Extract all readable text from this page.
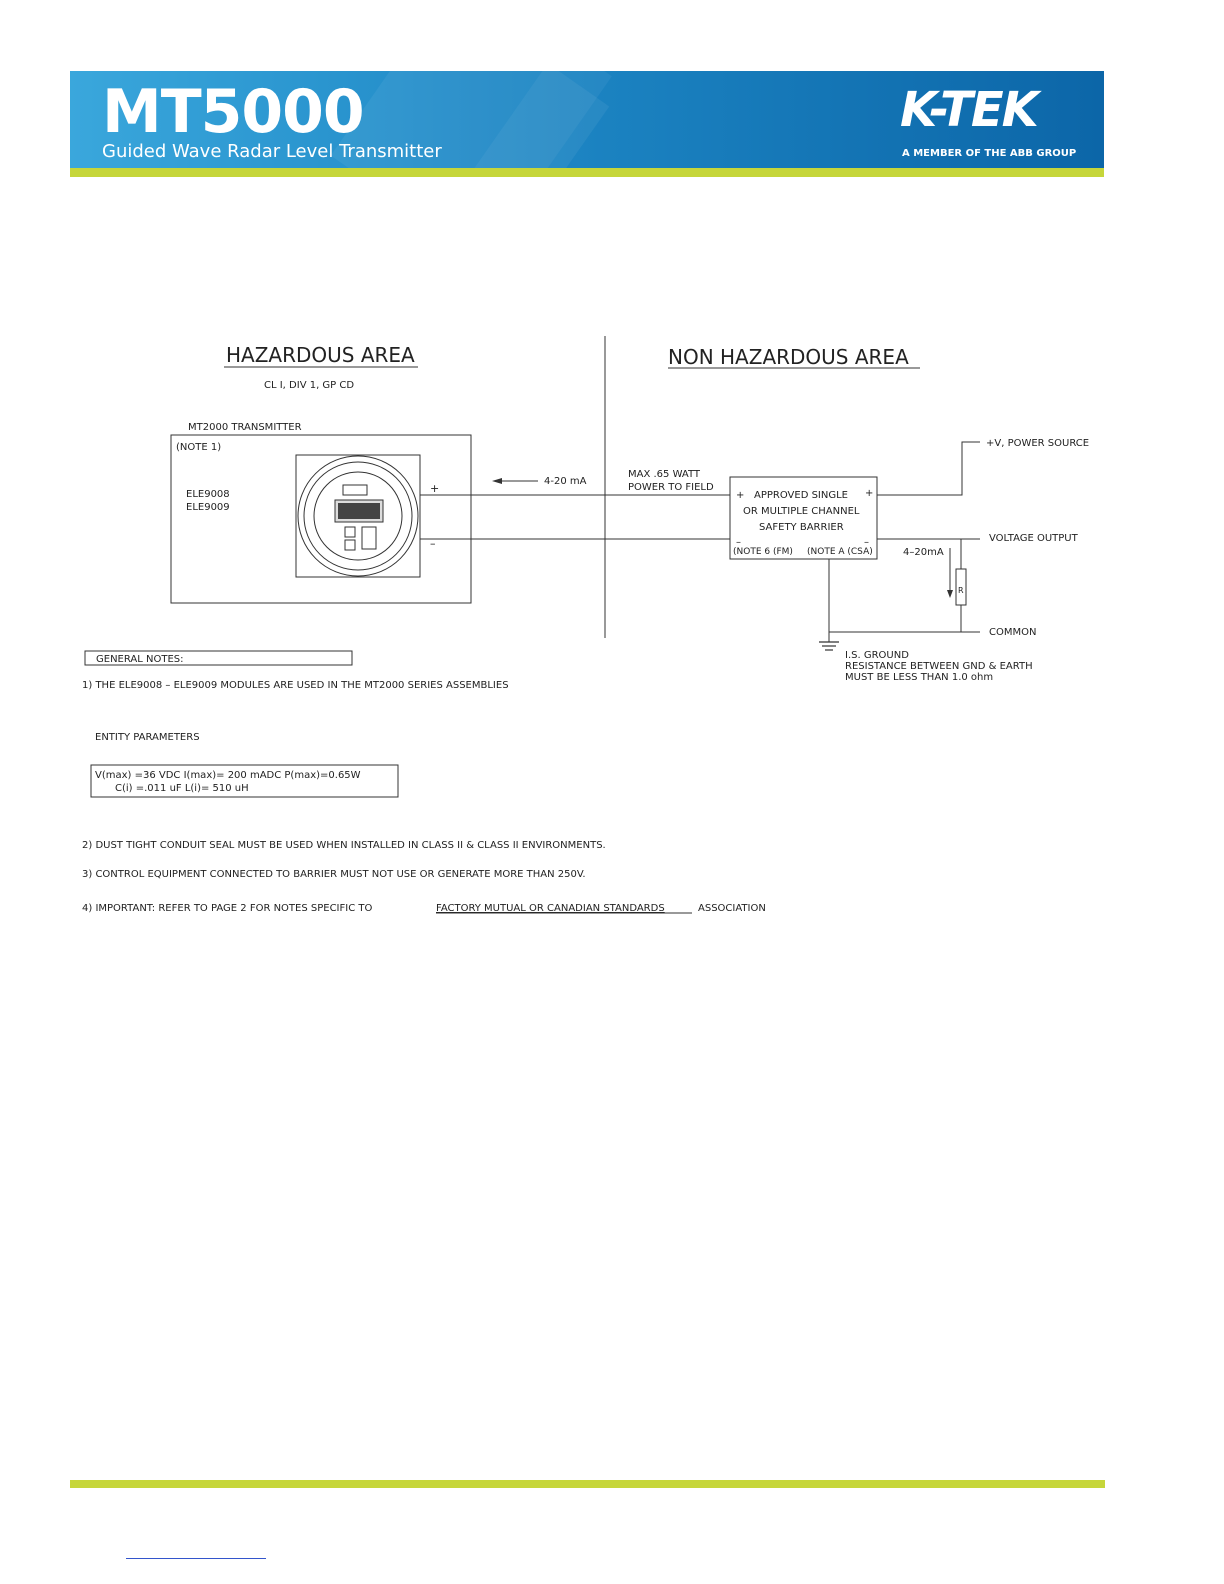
MT5000
Guided Wave Radar Level Transmitter
K-TEK
A MEMBER OF THE ABB GROUP
HAZARDOUS AREA
CL I, DIV 1, GP CD
NON HAZARDOUS AREA
MT2000 TRANSMITTER
(NOTE 1)
ELE9008
ELE9009
+
–
4-20 mA
MAX .65 WATT
POWER TO FIELD
+	+
APPROVED SINGLE
OR MULTIPLE CHANNEL
SAFETY BARRIER
–	–
(NOTE 6 (FM) (NOTE A (CSA)
+V, POWER SOURCE
VOLTAGE OUTPUT
R
4–20mA
COMMON
I.S. GROUND
RESISTANCE BETWEEN GND & EARTH
MUST BE LESS THAN 1.0 ohm
GENERAL NOTES:
1) THE ELE9008 – ELE9009 MODULES ARE USED IN THE MT2000 SERIES ASSEMBLIES
ENTITY PARAMETERS
V(max) =36 VDC I(max)= 200 mADC P(max)=0.65W
C(i) =.011 uF L(i)= 510 uH
2) DUST TIGHT CONDUIT SEAL MUST BE USED WHEN INSTALLED IN CLASS II & CLASS II ENVIRONMENTS.
3) CONTROL EQUIPMENT CONNECTED TO BARRIER MUST NOT USE OR GENERATE MORE THAN 250V.
4) IMPORTANT: REFER TO PAGE 2 FOR NOTES SPECIFIC TO	FACTORY MUTUAL OR CANADIAN STANDARDS	ASSOCIATION
